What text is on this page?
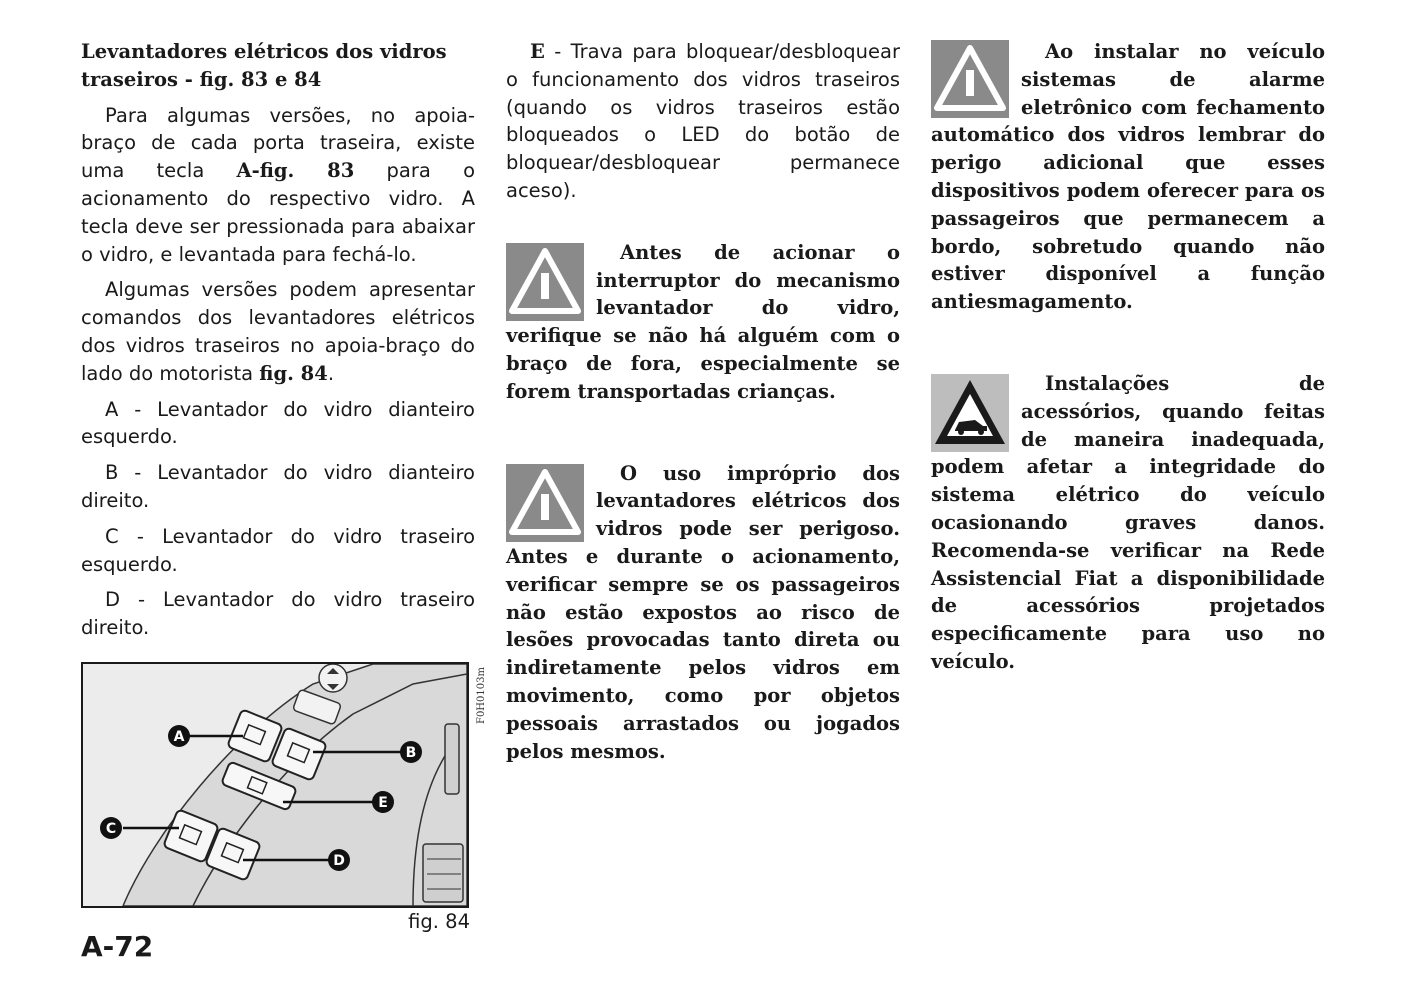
Levantadores elétricos dos vidros traseiros - fig. 83 e 84

Para algumas versões, no apoia-braço de cada porta traseira, existe uma tecla A-fig. 83 para o acionamento do respectivo vidro. A tecla deve ser pressionada para abaixar o vidro, e levantada para fechá-lo.

Algumas versões podem apresentar comandos dos levantadores elétricos dos vidros traseiros no apoia-braço do lado do motorista fig. 84.

A - Levantador do vidro dianteiro esquerdo.

B - Levantador do vidro dianteiro direito.

C - Levantador do vidro traseiro esquerdo.

D - Levantador do vidro traseiro direito.

A
B
C
D
E
F0H0103m
fig. 84
A-72

E - Trava para bloquear/desbloquear o funcionamento dos vidros traseiros (quando os vidros traseiros estão bloqueados o LED do botão de bloquear/desbloquear permanece aceso).

Antes de acionar o interruptor do mecanismo levantador do vidro, verifique se não há alguém com o braço de fora, especialmente se forem transportadas crianças.

O uso impróprio dos levantadores elétricos dos vidros pode ser perigoso. Antes e durante o acionamento, verificar sempre se os passageiros não estão expostos ao risco de lesões provocadas tanto direta ou indiretamente pelos vidros em movimento, como por objetos pessoais arrastados ou jogados pelos mesmos.

Ao instalar no veículo sistemas de alarme eletrônico com fechamento automático dos vidros lembrar do perigo adicional que esses dispositivos podem oferecer para os passageiros que permanecem a bordo, sobretudo quando não estiver disponível a função antiesmagamento.

Instalações de acessórios, quando feitas de maneira inadequada, podem afetar a integridade do sistema elétrico do veículo ocasionando graves danos. Recomenda-se verificar na Rede Assistencial Fiat a disponibilidade de acessórios projetados especificamente para uso no veículo.
